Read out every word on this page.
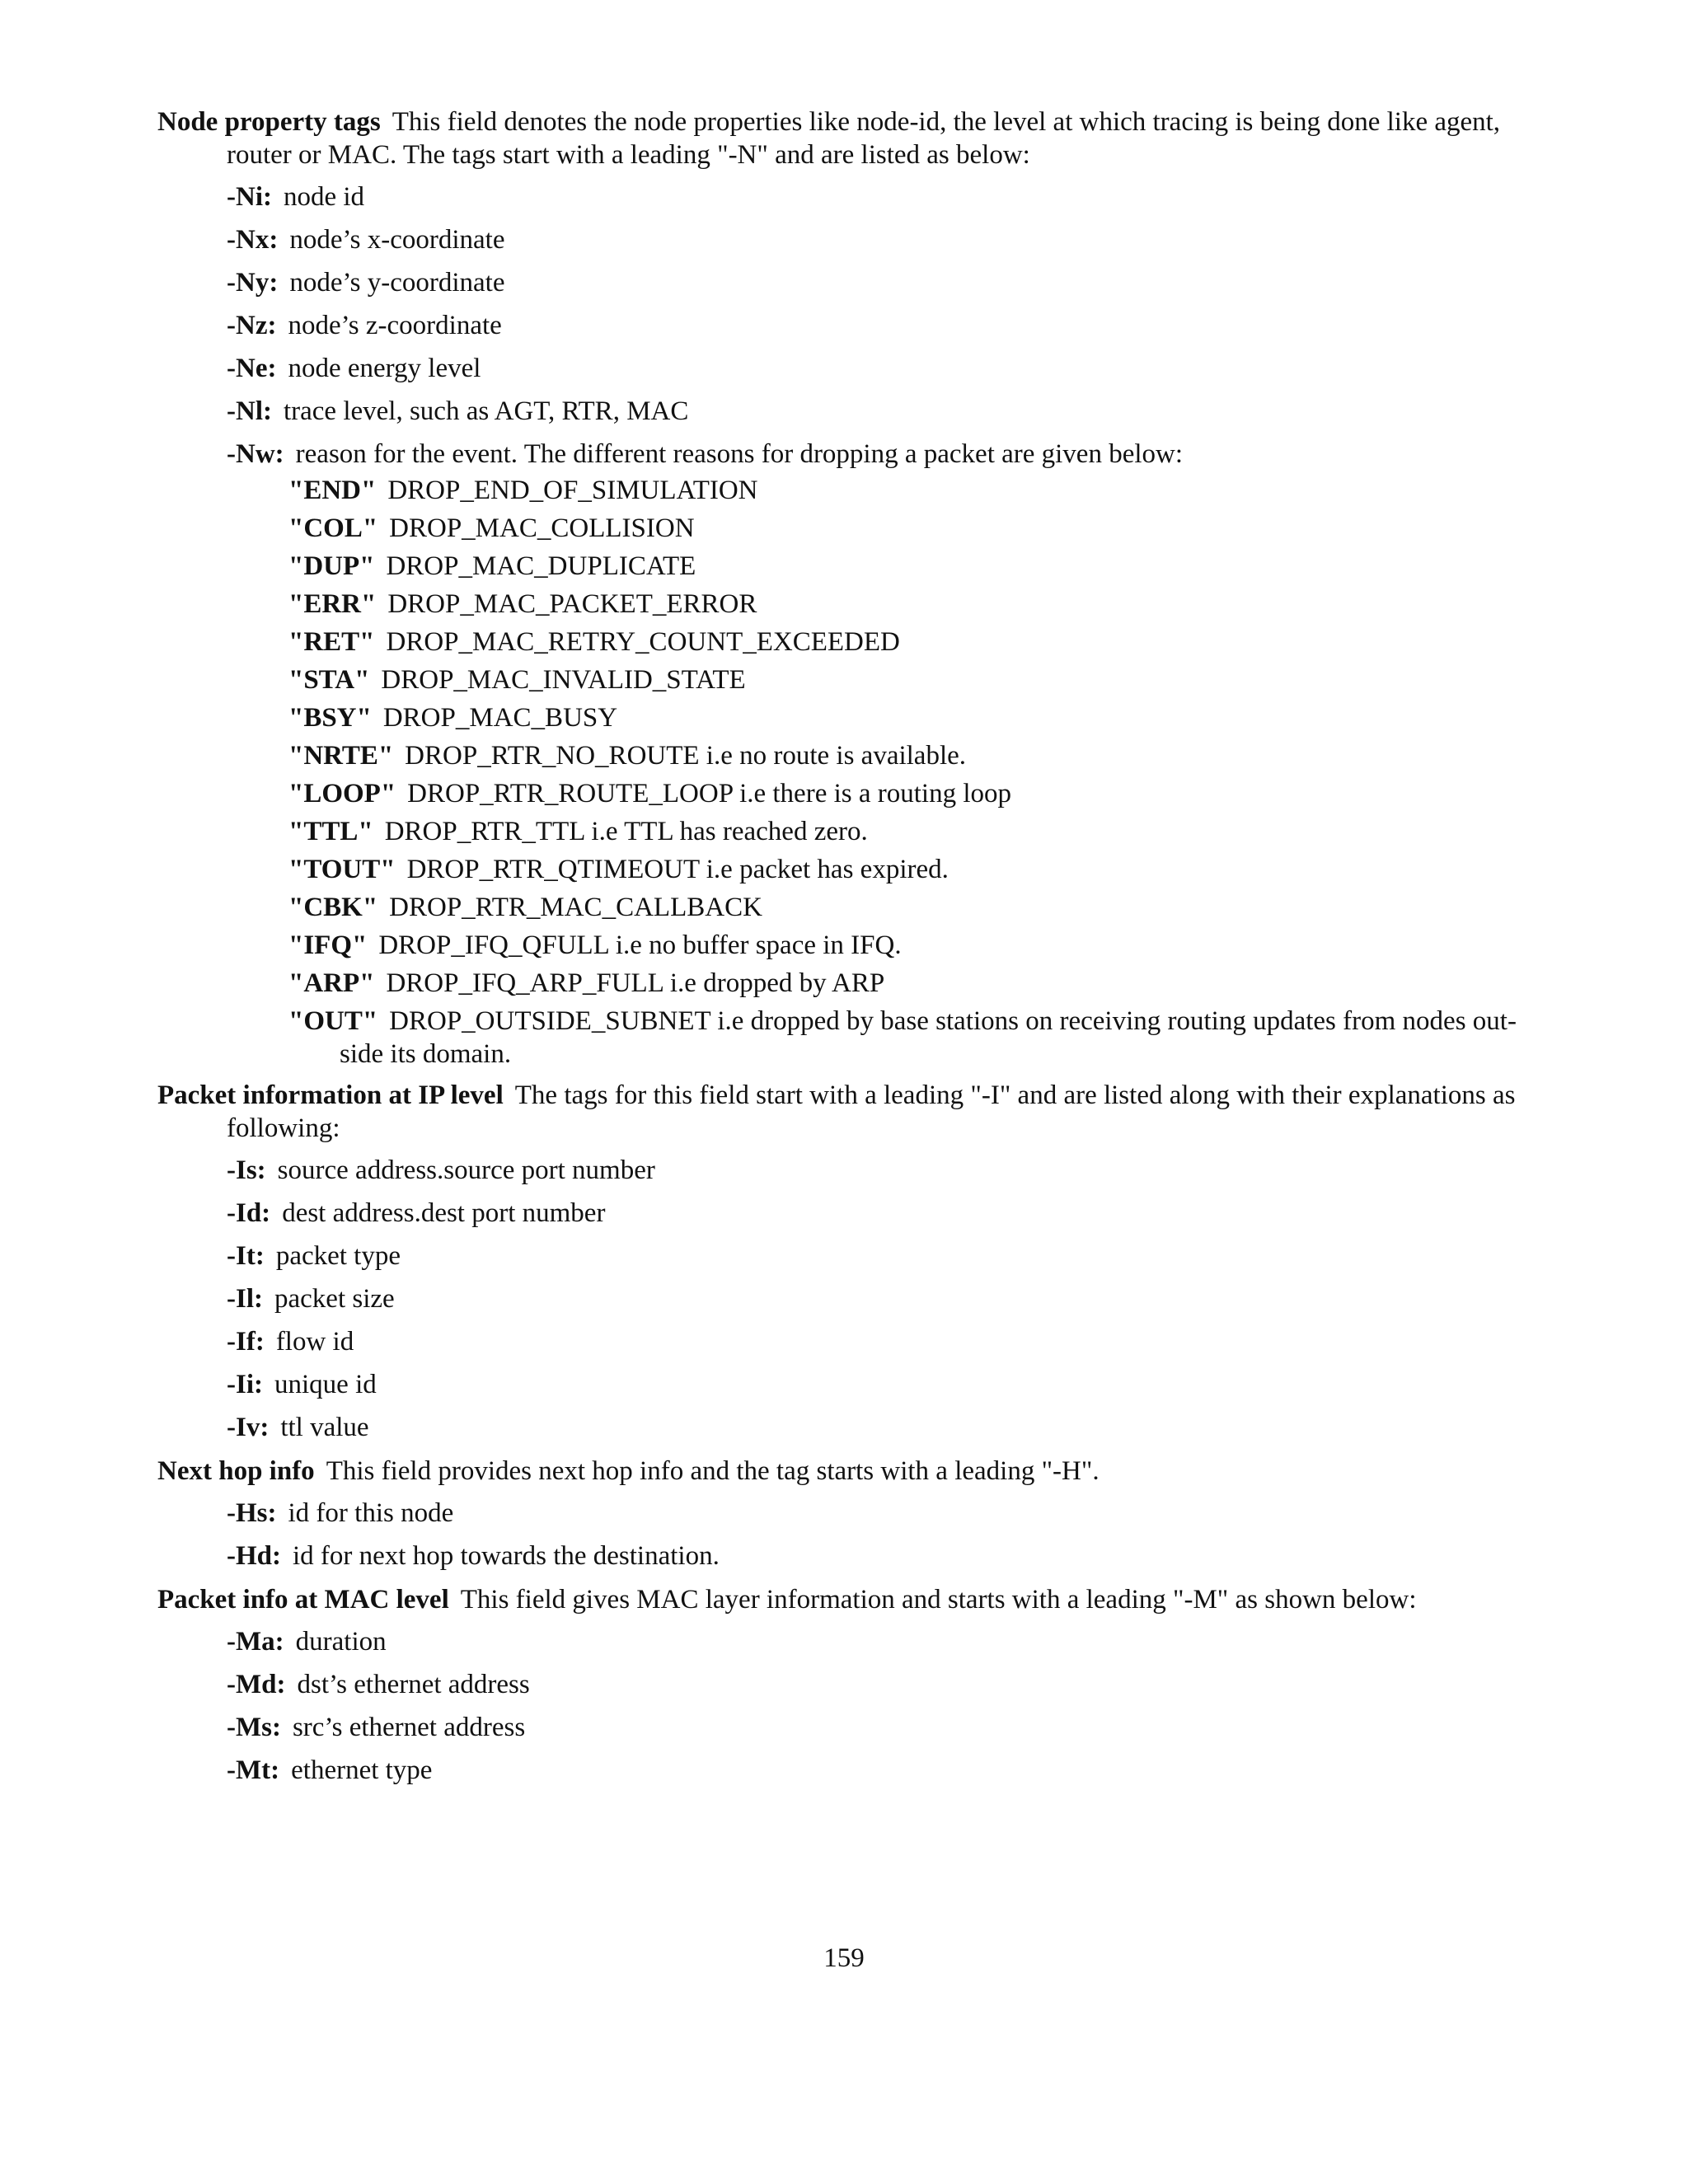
Node property tags This field denotes the node properties like node-id, the level at which tracing is being done like agent, router or MAC. The tags start with a leading "-N" and are listed as below:

-Ni: node id
-Nx: node’s x-coordinate
-Ny: node’s y-coordinate
-Nz: node’s z-coordinate
-Ne: node energy level
-Nl: trace level, such as AGT, RTR, MAC
-Nw: reason for the event. The different reasons for dropping a packet are given below:
"END" DROP_END_OF_SIMULATION
"COL" DROP_MAC_COLLISION
"DUP" DROP_MAC_DUPLICATE
"ERR" DROP_MAC_PACKET_ERROR
"RET" DROP_MAC_RETRY_COUNT_EXCEEDED
"STA" DROP_MAC_INVALID_STATE
"BSY" DROP_MAC_BUSY
"NRTE" DROP_RTR_NO_ROUTE i.e no route is available.
"LOOP" DROP_RTR_ROUTE_LOOP i.e there is a routing loop
"TTL" DROP_RTR_TTL i.e TTL has reached zero.
"TOUT" DROP_RTR_QTIMEOUT i.e packet has expired.
"CBK" DROP_RTR_MAC_CALLBACK
"IFQ" DROP_IFQ_QFULL i.e no buffer space in IFQ.
"ARP" DROP_IFQ_ARP_FULL i.e dropped by ARP
"OUT" DROP_OUTSIDE_SUBNET i.e dropped by base stations on receiving routing updates from nodes out-side its domain.

Packet information at IP level The tags for this field start with a leading "-I" and are listed along with their explanations as following:

-Is: source address.source port number
-Id: dest address.dest port number
-It: packet type
-Il: packet size
-If: flow id
-Ii: unique id
-Iv: ttl value

Next hop info This field provides next hop info and the tag starts with a leading "-H".

-Hs: id for this node
-Hd: id for next hop towards the destination.

Packet info at MAC level This field gives MAC layer information and starts with a leading "-M" as shown below:

-Ma: duration
-Md: dst’s ethernet address
-Ms: src’s ethernet address
-Mt: ethernet type
159
